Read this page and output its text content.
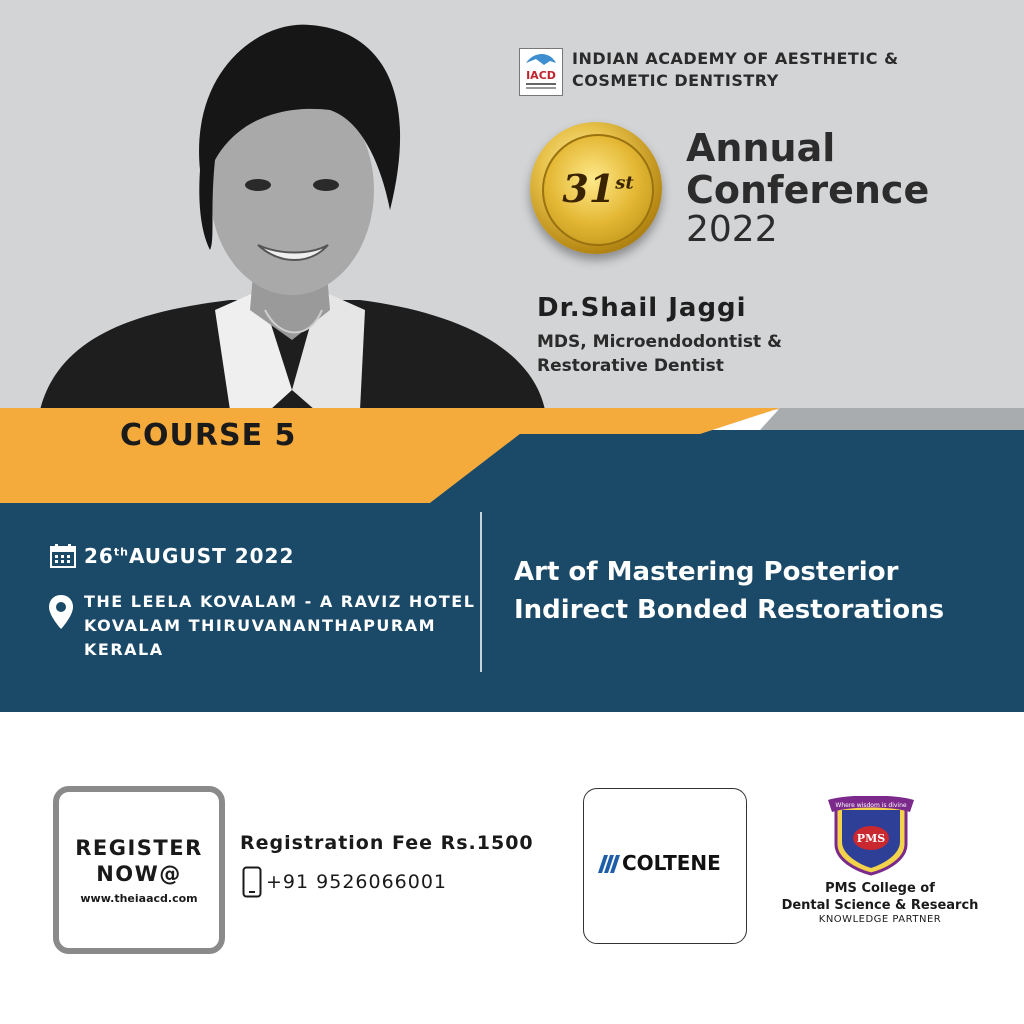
COURSE 5
IACD
INDIAN ACADEMY OF AESTHETIC &
COSMETIC DENTISTRY
31st
Annual
Conference
2022
Dr.Shail Jaggi
MDS, Microendodontist &
Restorative Dentist
26thAUGUST 2022
THE LEELA KOVALAM - A RAVIZ HOTEL
KOVALAM THIRUVANANTHAPURAM
KERALA
Art of Mastering Posterior
Indirect Bonded Restorations
REGISTER
NOW@
www.theiaacd.com
Registration Fee Rs.1500
+91 9526066001
COLTENE
Where wisdom is divine
PMS
PMS College of
Dental Science & Research
KNOWLEDGE PARTNER
